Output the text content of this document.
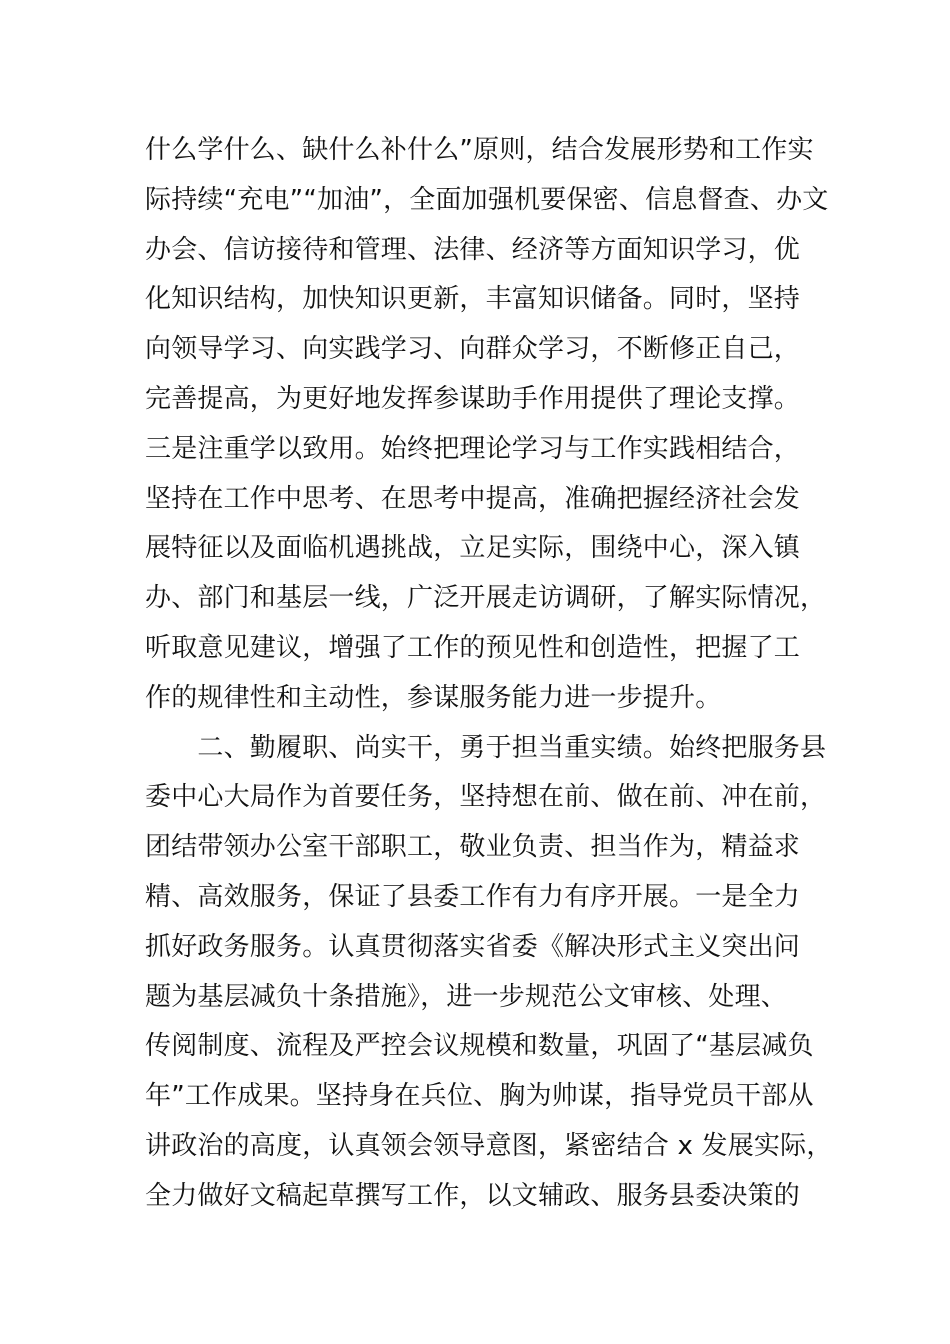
什么学什么、缺什么补什么”原则，结合发展形势和工作实
际持续“充电”“加油”，全面加强机要保密、信息督查、办文
办会、信访接待和管理、法律、经济等方面知识学习，优
化知识结构，加快知识更新，丰富知识储备。同时，坚持
向领导学习、向实践学习、向群众学习，不断修正自己，
完善提高，为更好地发挥参谋助手作用提供了理论支撑。
三是注重学以致用。始终把理论学习与工作实践相结合，
坚持在工作中思考、在思考中提高，准确把握经济社会发
展特征以及面临机遇挑战，立足实际，围绕中心，深入镇
办、部门和基层一线，广泛开展走访调研，了解实际情况，
听取意见建议，增强了工作的预见性和创造性，把握了工
作的规律性和主动性，参谋服务能力进一步提升。
　　二、勤履职、尚实干，勇于担当重实绩。始终把服务县
委中心大局作为首要任务，坚持想在前、做在前、冲在前，
团结带领办公室干部职工，敬业负责、担当作为，精益求
精、高效服务，保证了县委工作有力有序开展。一是全力
抓好政务服务。认真贯彻落实省委《解决形式主义突出问
题为基层减负十条措施》，进一步规范公文审核、处理、
传阅制度、流程及严控会议规模和数量，巩固了“基层减负
年”工作成果。坚持身在兵位、胸为帅谋，指导党员干部从
讲政治的高度，认真领会领导意图，紧密结合 x 发展实际，
全力做好文稿起草撰写工作，以文辅政、服务县委决策的
